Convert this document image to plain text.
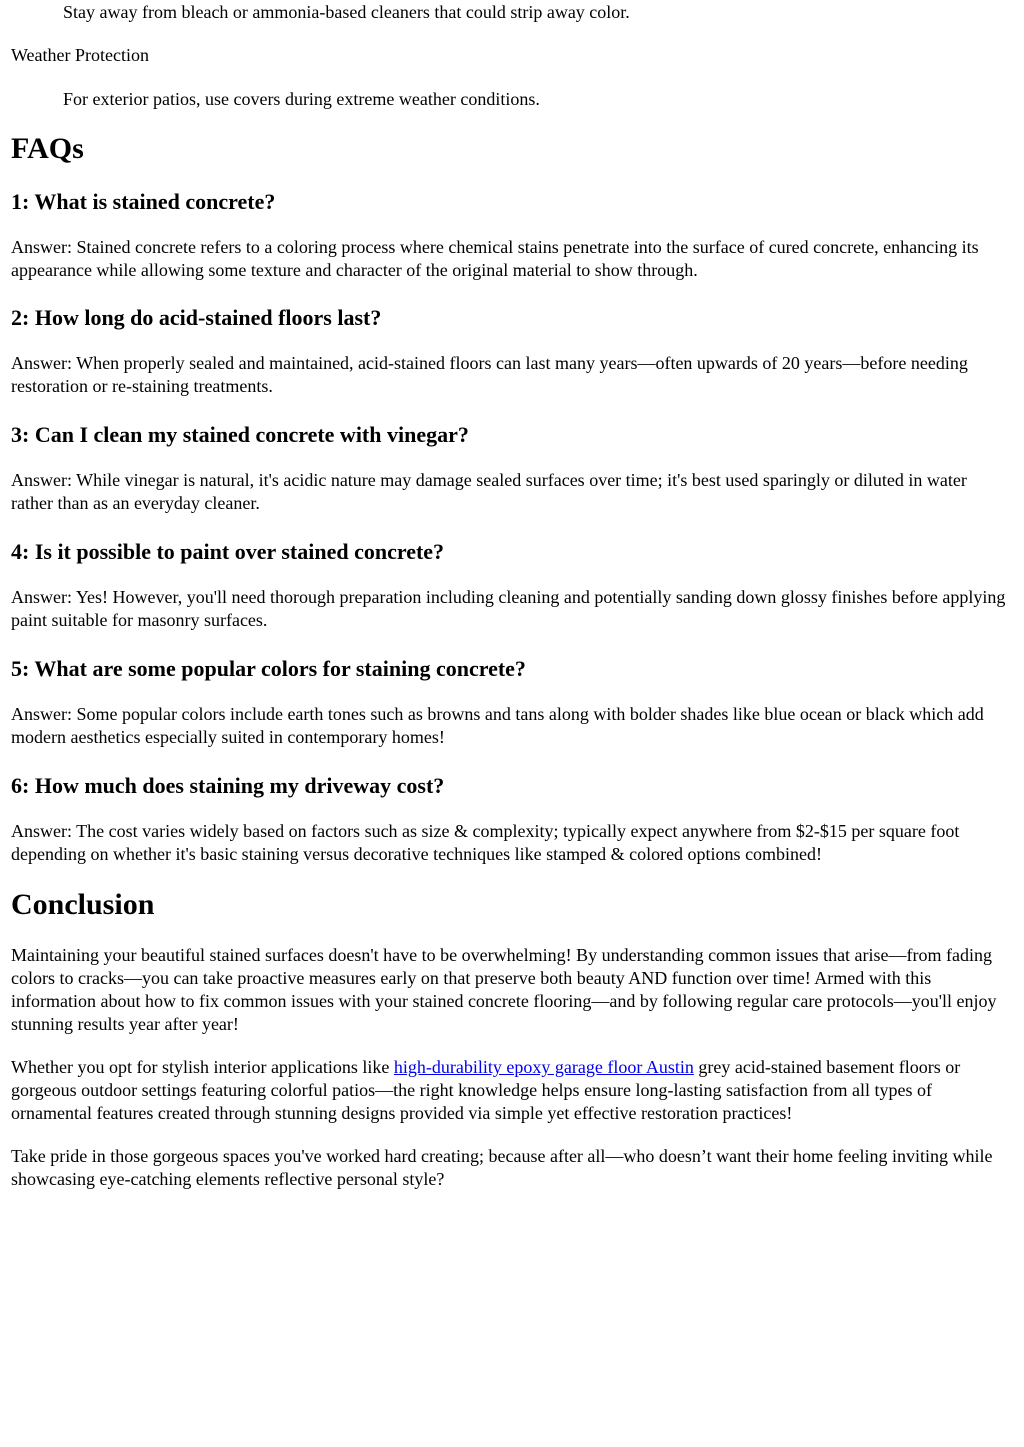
Stay away from bleach or ammonia-based cleaners that could strip away color.

Weather Protection

For exterior patios, use covers during extreme weather conditions.

FAQs
1: What is stained concrete?

Answer: Stained concrete refers to a coloring process where chemical stains penetrate into the surface of cured concrete, enhancing its appearance while allowing some texture and character of the original material to show through.

2: How long do acid-stained floors last?

Answer: When properly sealed and maintained, acid-stained floors can last many years—often upwards of 20 years—before needing restoration or re-staining treatments.

3: Can I clean my stained concrete with vinegar?

Answer: While vinegar is natural, it's acidic nature may damage sealed surfaces over time; it's best used sparingly or diluted in water rather than as an everyday cleaner.

4: Is it possible to paint over stained concrete?

Answer: Yes! However, you'll need thorough preparation including cleaning and potentially sanding down glossy finishes before applying paint suitable for masonry surfaces.

5: What are some popular colors for staining concrete?

Answer: Some popular colors include earth tones such as browns and tans along with bolder shades like blue ocean or black which add modern aesthetics especially suited in contemporary homes!

6: How much does staining my driveway cost?

Answer: The cost varies widely based on factors such as size & complexity; typically expect anywhere from $2-$15 per square foot depending on whether it's basic staining versus decorative techniques like stamped & colored options combined!

Conclusion

Maintaining your beautiful stained surfaces doesn't have to be overwhelming! By understanding common issues that arise—from fading colors to cracks—you can take proactive measures early on that preserve both beauty AND function over time! Armed with this information about how to fix common issues with your stained concrete flooring—and by following regular care protocols—you'll enjoy stunning results year after year!

Whether you opt for stylish interior applications like high-durability epoxy garage floor Austin grey acid-stained basement floors or gorgeous outdoor settings featuring colorful patios—the right knowledge helps ensure long-lasting satisfaction from all types of ornamental features created through stunning designs provided via simple yet effective restoration practices!

Take pride in those gorgeous spaces you've worked hard creating; because after all—who doesn’t want their home feeling inviting while showcasing eye-catching elements reflective personal style?
